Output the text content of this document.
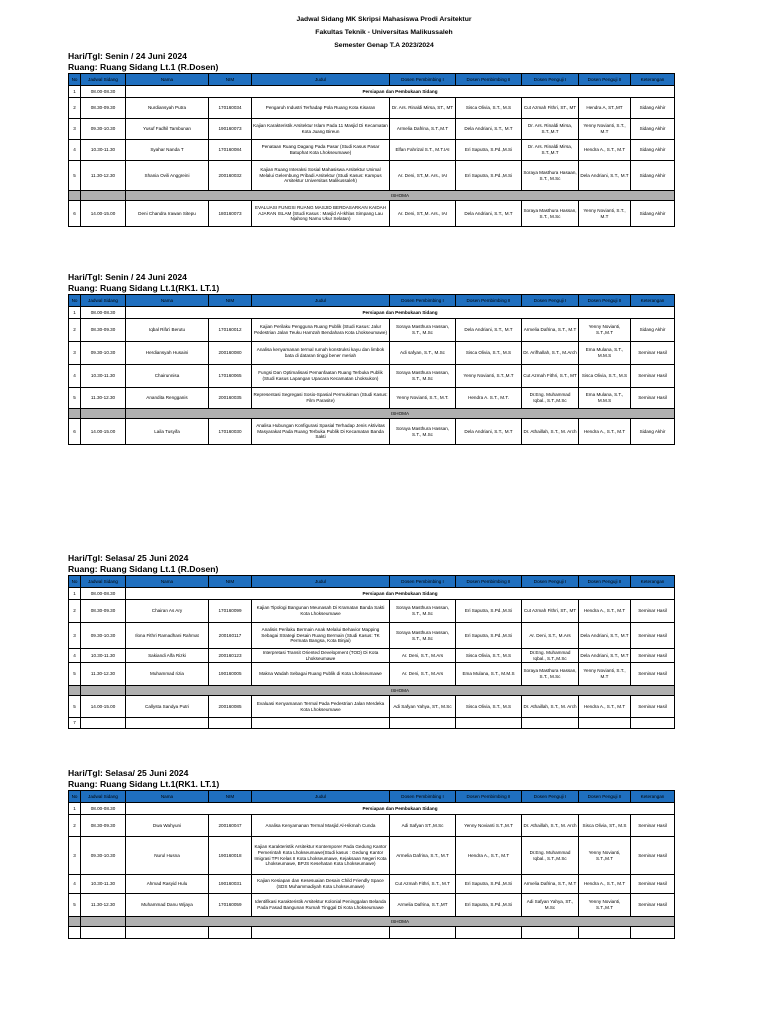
Jadwal Sidang MK Skripsi Mahasiswa Prodi Arsitektur
Fakultas Teknik - Universitas Malikussaleh
Semester Genap T.A 2023/2024
Hari/Tgl: Senin / 24 Juni 2024
Ruang: Ruang Sidang Lt.1 (R.Dosen)
No	Jadwal Sidang	Nama	NIM	Judul	Dosen Pembimbing I	Dosen Pembimbing II	Dosen Penguji I	Dosen Penguji II	Keterangan
1	08.00-08.30	Persiapan dan Pembukaan Sidang							
2	08.30-09.30	Nurdiansyah Putra	170160034	Pengaruh Industri Terhadap Pola Ruang Kota Kisaran	Dr. Ars. Rinaldi Mirsa, ST., MT	Sisca Olivia, S.T., M.S	Cut Azmah Fithri, ST., MT	Hendra A, ST.,MT	Sidang Akhir
3	09.30-10.30	Yusuf Fadhil Tambunan	190160073	Kajian Karakteristik Arsitektur Islam Pada 11 Masjid Di Kecamatan Kota Juang Bireun	Armelia Dafrina, S.T.,M.T	Dela Andriani, S.T., M.T	Dr. Ars. Rinaldi Mirsa, S.T.,M.T	Yenny Novianti, S.T., M.T	Sidang Akhir
4	10.30-11.30	Syahar Nanda T	170160084	Penataan Ruang Dagang Pada Pasar (Studi Kasus Pasar Batuphat Kota Lhokseumawe)	Elfan Fahrizal S.T., M.T.IAI	Eri Saputra, S.Pd.,M.Si	Dr. Ars. Rinaldi Mirsa, S.T.,M.T	Hendra A., S.T., M.T	Sidang Akhir
5	11.30-12.30	Shania Ovili Anggreini	200160032	Kajian Ruang Interaksi Sosial Mahasiswa Arsitektur Unimal Melalui Gelembung Pribadi Arsitektur (Studi Kasus: Kampus Arsitektur Universitas Malikussaleh)	Ar. Deni, ST.,M. Ars., IAI	Eri Saputra, S.Pd.,M.Si	Soraya Masthura Hasaan, S.T., M.Sc	Dela Andriani, S.T., M.T	Sidang Akhir
		ISHOMA							
6	14.00-15.00	Deni Chandra Irawan Sitepu	180160073	EVALUASI FUNGSI RUANG MASJID BERDASARKAN KAIDAH AJARAN ISLAM (Studi Kasus : Masjid Al-Ikhlas Simpang Lau Njahong Namu Ukur Selatan)	Ar. Deni, ST.,M. Ars., IAI	Dela Andriani, S.T., M.T	Soraya Masthura Hassan, S.T., M.Sc	Yenny Novianti, S.T., M.T	Sidang Akhir
Hari/Tgl: Senin / 24 Juni 2024
Ruang: Ruang Sidang Lt.1(RK1. LT.1)
No	Jadwal Sidang	Nama	NIM	Judul	Dosen Pembimbing I	Dosen Pembimbing II	Dosen Penguji I	Dosen Penguji II	Keterangan
1	08.00-08.30	Persiapan dan Pembukaan Sidang							
2	08.30-09.30	Iqbal Rifa'i Berutu	170160012	Kajian Perilaku Pengguna Ruang Publik (Studi Kasus: Jalur Pedestrian Jalan Teuku Hamzah Bendahara Kota Lhokseumawe)	Soraya Masthura Hassan, S.T., M.Sc	Dela Andriani, S.T., M.T	Armelia Dafrina, S.T., M.T	Yenny Novianti, S.T.,M.T	Sidang Akhir
3	09.30-10.30	Herdiansyah Husaini	200160080	Analisa kenyamanan termal rumah konstruksi kayu dan limbok bata di dataran tinggi bener meriah	Adi safyan, S.T., M.Sc	Sisca Olivia, S.T., M.S	Dr. Arifhallah, S.T., M.Arch	Ema Mulana, S.T., M.M.S	Seminar Hasil
4	10.30-11.30	Chairunnisa	170160065	Fungsi Dan Optimalisasi Pemanfaatan Ruang Terbuka Publik (Studi Kasus Lapangan Upacara Kecamatan Lhoksukon)	Soraya Masthura Hassan, S.T., M.Sc	Yenny Novianti, S.T.,M.T	Cut Azmah Fithri, S.T., MT	Sisca Olivia, S.T., M.S	Seminar Hasil
5	11.30-12.30	Anandita Rengganis	200160035	Representasi Segregasi Sosio-Spasial Permukiman (Studi Kasus: Film Parasite)	Yenny Novianti, S.T., M.T.	Hendra A. S.T., M.T.	Dr.Eng. Muhammad Iqbal., S.T.,M.Sc	Ema Mulana, S.T., M.M.S	Seminar Hasil
		ISHOMA							
6	14.00-15.00	Laila Tusyifa	170160030	Analisa Hubungan Konfigurasi Spasial Terhadap Jenis Aktivitas Masyarakat Pada Ruang Terbuka Publik Di Kecamatan Banda Sakti	Soraya Masthura Hassan, S.T., M.Sc	Dela Andriani, S.T., M.T	Dr. Athaillah, S.T., M. Arch	Hendra A., S.T., M.T	Sidang Akhir
Hari/Tgl: Selasa/ 25 Juni 2024
Ruang: Ruang Sidang Lt.1 (R.Dosen)
No	Jadwal Sidang	Nama	NIM	Judul	Dosen Pembimbing I	Dosen Pembimbing II	Dosen Penguji I	Dosen Penguji II	Keterangan
1	08.00-08.30	Persiapan dan Pembukaan Sidang							
2	08.30-09.30	Chairan As Ary	170160099	Kajian Tipologi Bangunan Meunasah Di Kramatan Banda Sakti Kota Lhokseumawe	Soraya Masthura Hassan, S.T., M.Sc	Eri Saputra, S.Pd.,M.Si	Cut Azmah Fithri, ST., MT	Hendra A., S.T., M.T	Seminar Hasil
3	09.30-10.30	Ilona Fithri Ramadhani Rahmat	200160117	Analisis Perilaku Bermain Anak Melalui Behavior Mapping Sebagai Strategi Desain Ruang Bermain (Studi Kasus: TK Permata Bangsa, Kota Binjai)	Soraya Masthura Hassan, S.T., M.Sc	Eri Saputra, S.Pd.,M.Si	Ar. Deni, S.T., M.Ars	Dela Andriani, S.T., M.T	Seminar Hasil
4	10.30-11.30	Sakiandi Alfa Rizki	200160123	Interpretasi Transit Oriented Development (TOD) Di Kota Lhokseumawe	Ar. Deni, S.T., M.Ars	Sisca Olivia, S.T., M.S	Dr.Eng. Muhammad Iqbal., S.T.,M.Sc	Dela Andriani, S.T., M.T	Seminar Hasil
5	11.30-12.30	Muhammad rizia	190160005	Makna Wadah Sebagai Ruang Publik di Kota Lhokseumawe	Ar. Deni, S.T., M.Ars	Ema Mulana, S.T., M.M.S	Soraya Masthura Hassan, S.T., M.Sc	Yenny Novianti, S.T., M.T	Seminar Hasil
		ISHOMA							
5	14.00-15.00	Callysta Sandya Putri	200160085	Evaluasi Kenyamanan Termal Pada Pedestrian Jalan Merdeka Kota Lhokseumawe	Adi Safyan Yahya, ST., M.Sc	Sisca Olivia, S.T., M.S	Dr. Athaillah, S.T., M. Arch	Hendra A., S.T., M.T	Seminar Hasil
7									
Hari/Tgl: Selasa/ 25 Juni 2024
Ruang: Ruang Sidang Lt.1(RK1. LT.1)
No	Jadwal Sidang	Nama	NIM	Judul	Dosen Pembimbing I	Dosen Pembimbing II	Dosen Penguji I	Dosen Penguji II	Keterangan
1	08.00-08.30	Persiapan dan Pembukaan Sidang							
2	08.30-09.30	Dwa Wahyuni	200160047	Analisa Kenyamanan Termal Masjid Al-Hikmah Cunda	Adi Safyan ST.,M.Sc	Yenny Novianti S.T.,M.T	Dr. Athaillah, S.T., M. Arch	Sisca Olivia, ST., M.S	Seminar Hasil
3	09.30-10.30	Nurul Husna	190160018	Kajian Karakteristik Arsitektur Kontemporer Pada Gedung Kantor Pemerintah Kota Lhokseumawe(Studi kasus : Gedung Kantor Imigrasi TPI Kelas II Kota Lhokseumawe, Kejaksaan Negeri Kota Lhokseumawe, BPJS Kesehatan Kota Lhokseumawe)	Armelia Dafrina, S.T., M.T	Hendra A., S.T., M.T	Dr.Eng. Muhammad Iqbal., S.T.,M.Sc	Yenny Novianti, S.T.,M.T	Seminar Hasil
4	10.30-11.30	Ahmad Rasyid Hulu	190160031	Kajian Kesiapan dan Kesesuaian Desain Child Friendly Space (SDS Muhammadiyah Kota Lhokseumawe)	Cut Azmah Fithri, S.T., M.T	Eri Saputra, S.Pd.,M.Si	Armelia Dafrina, S.T., M.T	Hendra A., S.T., M.T	Seminar Hasil
5	11.30-12.30	Muhammad Danu Wijaya	170160059	Identifikasi Karakteristik Arsitektur Kolonial Peninggalan Belanda Pada Fasad Bangunan Rumah Tinggal Di Kota Lhokseumawe	Armelia Dafrina, S.T.,MT	Eri Saputra, S.Pd.,M.Si	Adi Safyan Yahya, ST., M.Sc	Yenny Novianti, S.T.,M.T	Seminar Hasil
		ISHOMA							
